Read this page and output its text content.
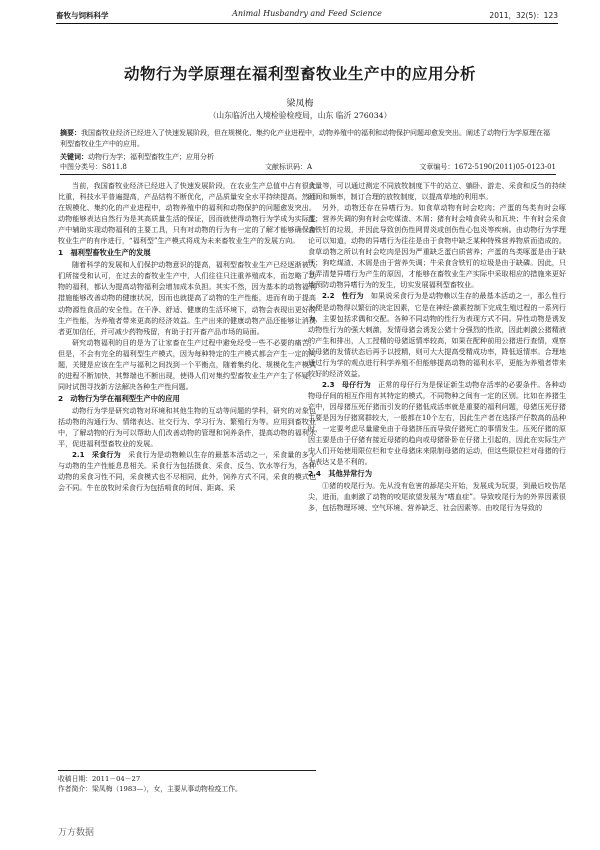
畜牧与饲料科学	Animal Husbandry and Feed Science	2011，32(5)：123
动物行为学原理在福利型畜牧业生产中的应用分析
梁凤梅
（山东临沂出入境检验检疫局，山东 临沂 276034）
摘要：我国畜牧业经济已经进入了快速发展阶段，但在规模化、集约化产业进程中，动物养殖中的福利和动物保护问题却愈发突出。阐述了动物行为学原理在福利型畜牧业生产中的应用。
关键词：动物行为学；福利型畜牧生产；应用分析
中图分类号：S811.8	文献标识码：A	文章编号：1672-5190(2011)05-0123-01

当前，我国畜牧业经济已经进入了快速发展阶段，在农业生产总值中占有很大比重，科技水平普遍提高，产品结构不断优化，产品质量安全水平持续提高。然而在规模化、集约化的产业进程中，动物养殖中的福利和动物保护的问题愈发突出。动物能够表达自然行为是其高质量生活的保证，因而就使得动物行为学成为实际生产中辅助实现动物福利的主要工具，只有对动物的行为有一定的了解才能够确保畜牧业生产的有序进行，“福利型”生产模式将成为未来畜牧业生产的发展方向。

1　福利型畜牧业生产的发展

随着科学的发展和人们保护动物意识的提高，福利型畜牧业生产已经逐渐被人们所接受和认可，在过去的畜牧业生产中，人们往往只注重养殖成本，而忽略了动物的福利，都认为提高动物福利会增加成本负担。其实不然，因为基本的动物福利措施能够改善动物的健康状况，因而也就提高了动物的生产性能，进而有助于提高动物源性食品的安全性。在干净、舒适、健康的生活环境下，动物会表现出更好的生产性能，为养殖者带来更高的经济效益。生产出来的健康动物产品还能够让消费者更加信任，并可减少药物残留，有助于打开畜产品市场的局面。

研究动物福利的目的是为了让家畜在生产过程中避免经受一些不必要的痛苦，但是，不会有完全的福利型生产模式，因为每种特定的生产模式都会产生一定的问题，关键是应该在生产与福利之间找到一个平衡点，随着集约化、规模化生产模式的进程不断加快，其弊端也不断出现，使得人们对集约型畜牧业生产产生了怀疑，同时试图寻找新方法解决各种生产性问题。

2　动物行为学在福利型生产中的应用

动物行为学是研究动物对环境和其他生物的互动等问题的学科，研究的对象包括动物的沟通行为、情绪表达、社交行为、学习行为、繁殖行为等。应用到畜牧业中，了解动物的行为可以帮助人们改善动物的管理和饲养条件，提高动物的福利水平，促进福利型畜牧业的发展。

2.1　采食行为　采食行为是动物赖以生存的最基本活动之一，采食量的多少与动物的生产性能息息相关。采食行为包括摄食、采食、反刍、饮水等行为，各种动物的采食习性不同，采食模式也不尽相同，此外，饲养方式不同，采食的模式也会不同。牛在放牧时采食行为包括啃食的时间、距离、采

食量等，可以通过测定不同放牧制度下牛的站立、躺卧、游走、采食和反刍的持续时间和频率，制订合理的放牧制度，以提高草地的利用率。

另外，动物还存在异嗜行为。如食草动物有时会吃肉；产蛋的鸟类有时会啄蛋；营养失调的狗有时会吃煤渣、木屑；猪有时会啃食砖头和瓦块；牛有时会采食含铁钉的垃圾，并因此导致创伤性网胃炎或创伤性心包炎等疾病。由动物行为学理论可以知道，动物的异嗜行为往往是由于食物中缺乏某种特殊营养物质而造成的。食草动物之所以有时会吃肉是因为严重缺乏蛋白质营养；产蛋的鸟类啄蛋是由于缺钙；狗吃煤渣、木屑是由于营养失调；牛采食含铁钉的垃圾是由于缺磷。因此，只有弄清楚异嗜行为产生的原因，才能够在畜牧业生产实际中采取相应的措施来更好地预防动物异嗜行为的发生，切实发展福利型畜牧业。

2.2　性行为　如果说采食行为是动物赖以生存的最基本活动之一，那么性行为便是动物得以繁衍的决定因素，它是在神经-激素控制下完成生殖过程的一系列行为，主要包括求偶和交配。各种不同动物的性行为表现方式不同。异性动物是诱发动物性行为的强大刺激，发情母猪会诱发公猪十分强烈的性欲，因此刺激公猪精液的产生和排出，人工授精的母猪返情率较高，如果在配种前用公猪进行查情，观察好母猪的发情状态后再予以授精，则可大大提高受精成功率，降低返情率。合理地通过行为学的观点进行科学养殖不但能够提高动物的福利水平，更能为养殖者带来较好的经济效益。

2.3　母仔行为　正常的母仔行为是保证新生动物存活率的必要条件。各种动物母仔间的相互作用有其特定的模式，不同物种之间有一定的区别。比如在养猪生产中，因母猪压死仔猪而引发的仔猪低成活率就是重要的福利问题，母猪压死仔猪主要是因为仔猪窝群较大，一般都在10个左右，因此生产者在选择产仔数高的品种时，一定要考虑尽量避免由于母猪挤压而导致仔猪死亡的事情发生。压死仔猪的原因主要是由于仔猪有接近母猪的趋向或母猪卧卧在仔猪上引起的，因此在实际生产中人们开始使用限位栏和专业母猪床来限制母猪的运动，但这些限位栏对母猪的行为表达又是不利的。

2.4　其他异常行为

①猪的咬尾行为。先从没有危害的舔尾尖开始，发展成为玩耍，到最后咬伤尾尖，进而，血刺激了动物的咬尾欲望发展为“嗜血症”。导致咬尾行为的外界因素很多，包括物理环境、空气环境、营养缺乏、社会因素等。由咬尾行为导致的

收稿日期：2011－04－27
作者简介：梁凤梅（1983—），女，主要从事动物检疫工作。
万方数据
